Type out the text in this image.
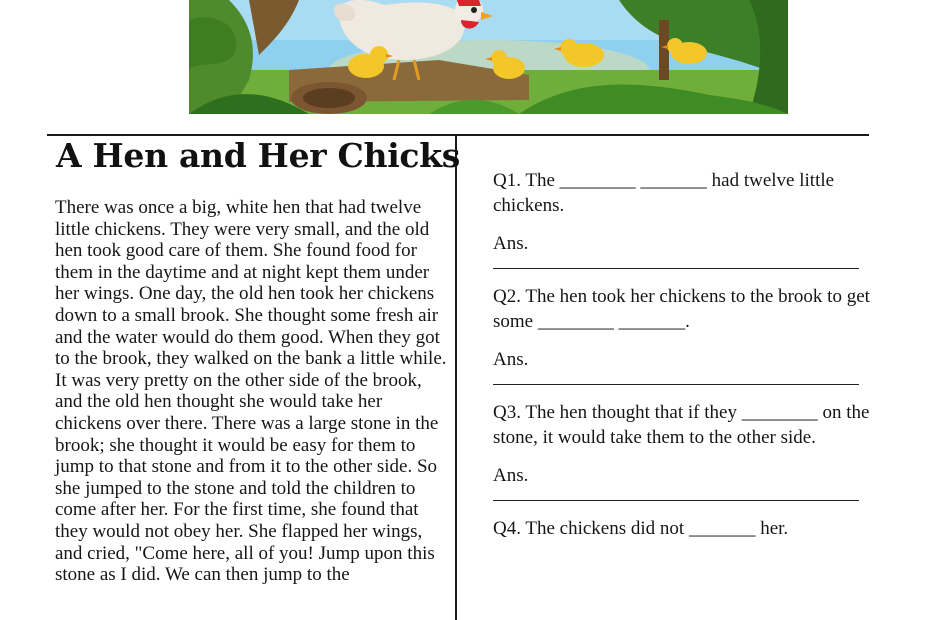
A Hen and Her Chicks

There was once a big, white hen that had twelve little chickens. They were very small, and the old hen took good care of them. She found food for them in the daytime and at night kept them under her wings. One day, the old hen took her chickens down to a small brook. She thought some fresh air and the water would do them good. When they got to the brook, they walked on the bank a little while. It was very pretty on the other side of the brook, and the old hen thought she would take her chickens over there. There was a large stone in the brook; she thought it would be easy for them to jump to that stone and from it to the other side. So she jumped to the stone and told the children to come after her. For the first time, she found that they would not obey her. She flapped her wings, and cried, "Come here, all of you! Jump upon this stone as I did. We can then jump to the

Q1. The ________ _______ had twelve little chickens.

Ans.

Q2. The hen took her chickens to the brook to get some ________ _______.

Ans.

Q3. The hen thought that if they ________ on the stone, it would take them to the other side.

Ans.

Q4. The chickens did not _______ her.
